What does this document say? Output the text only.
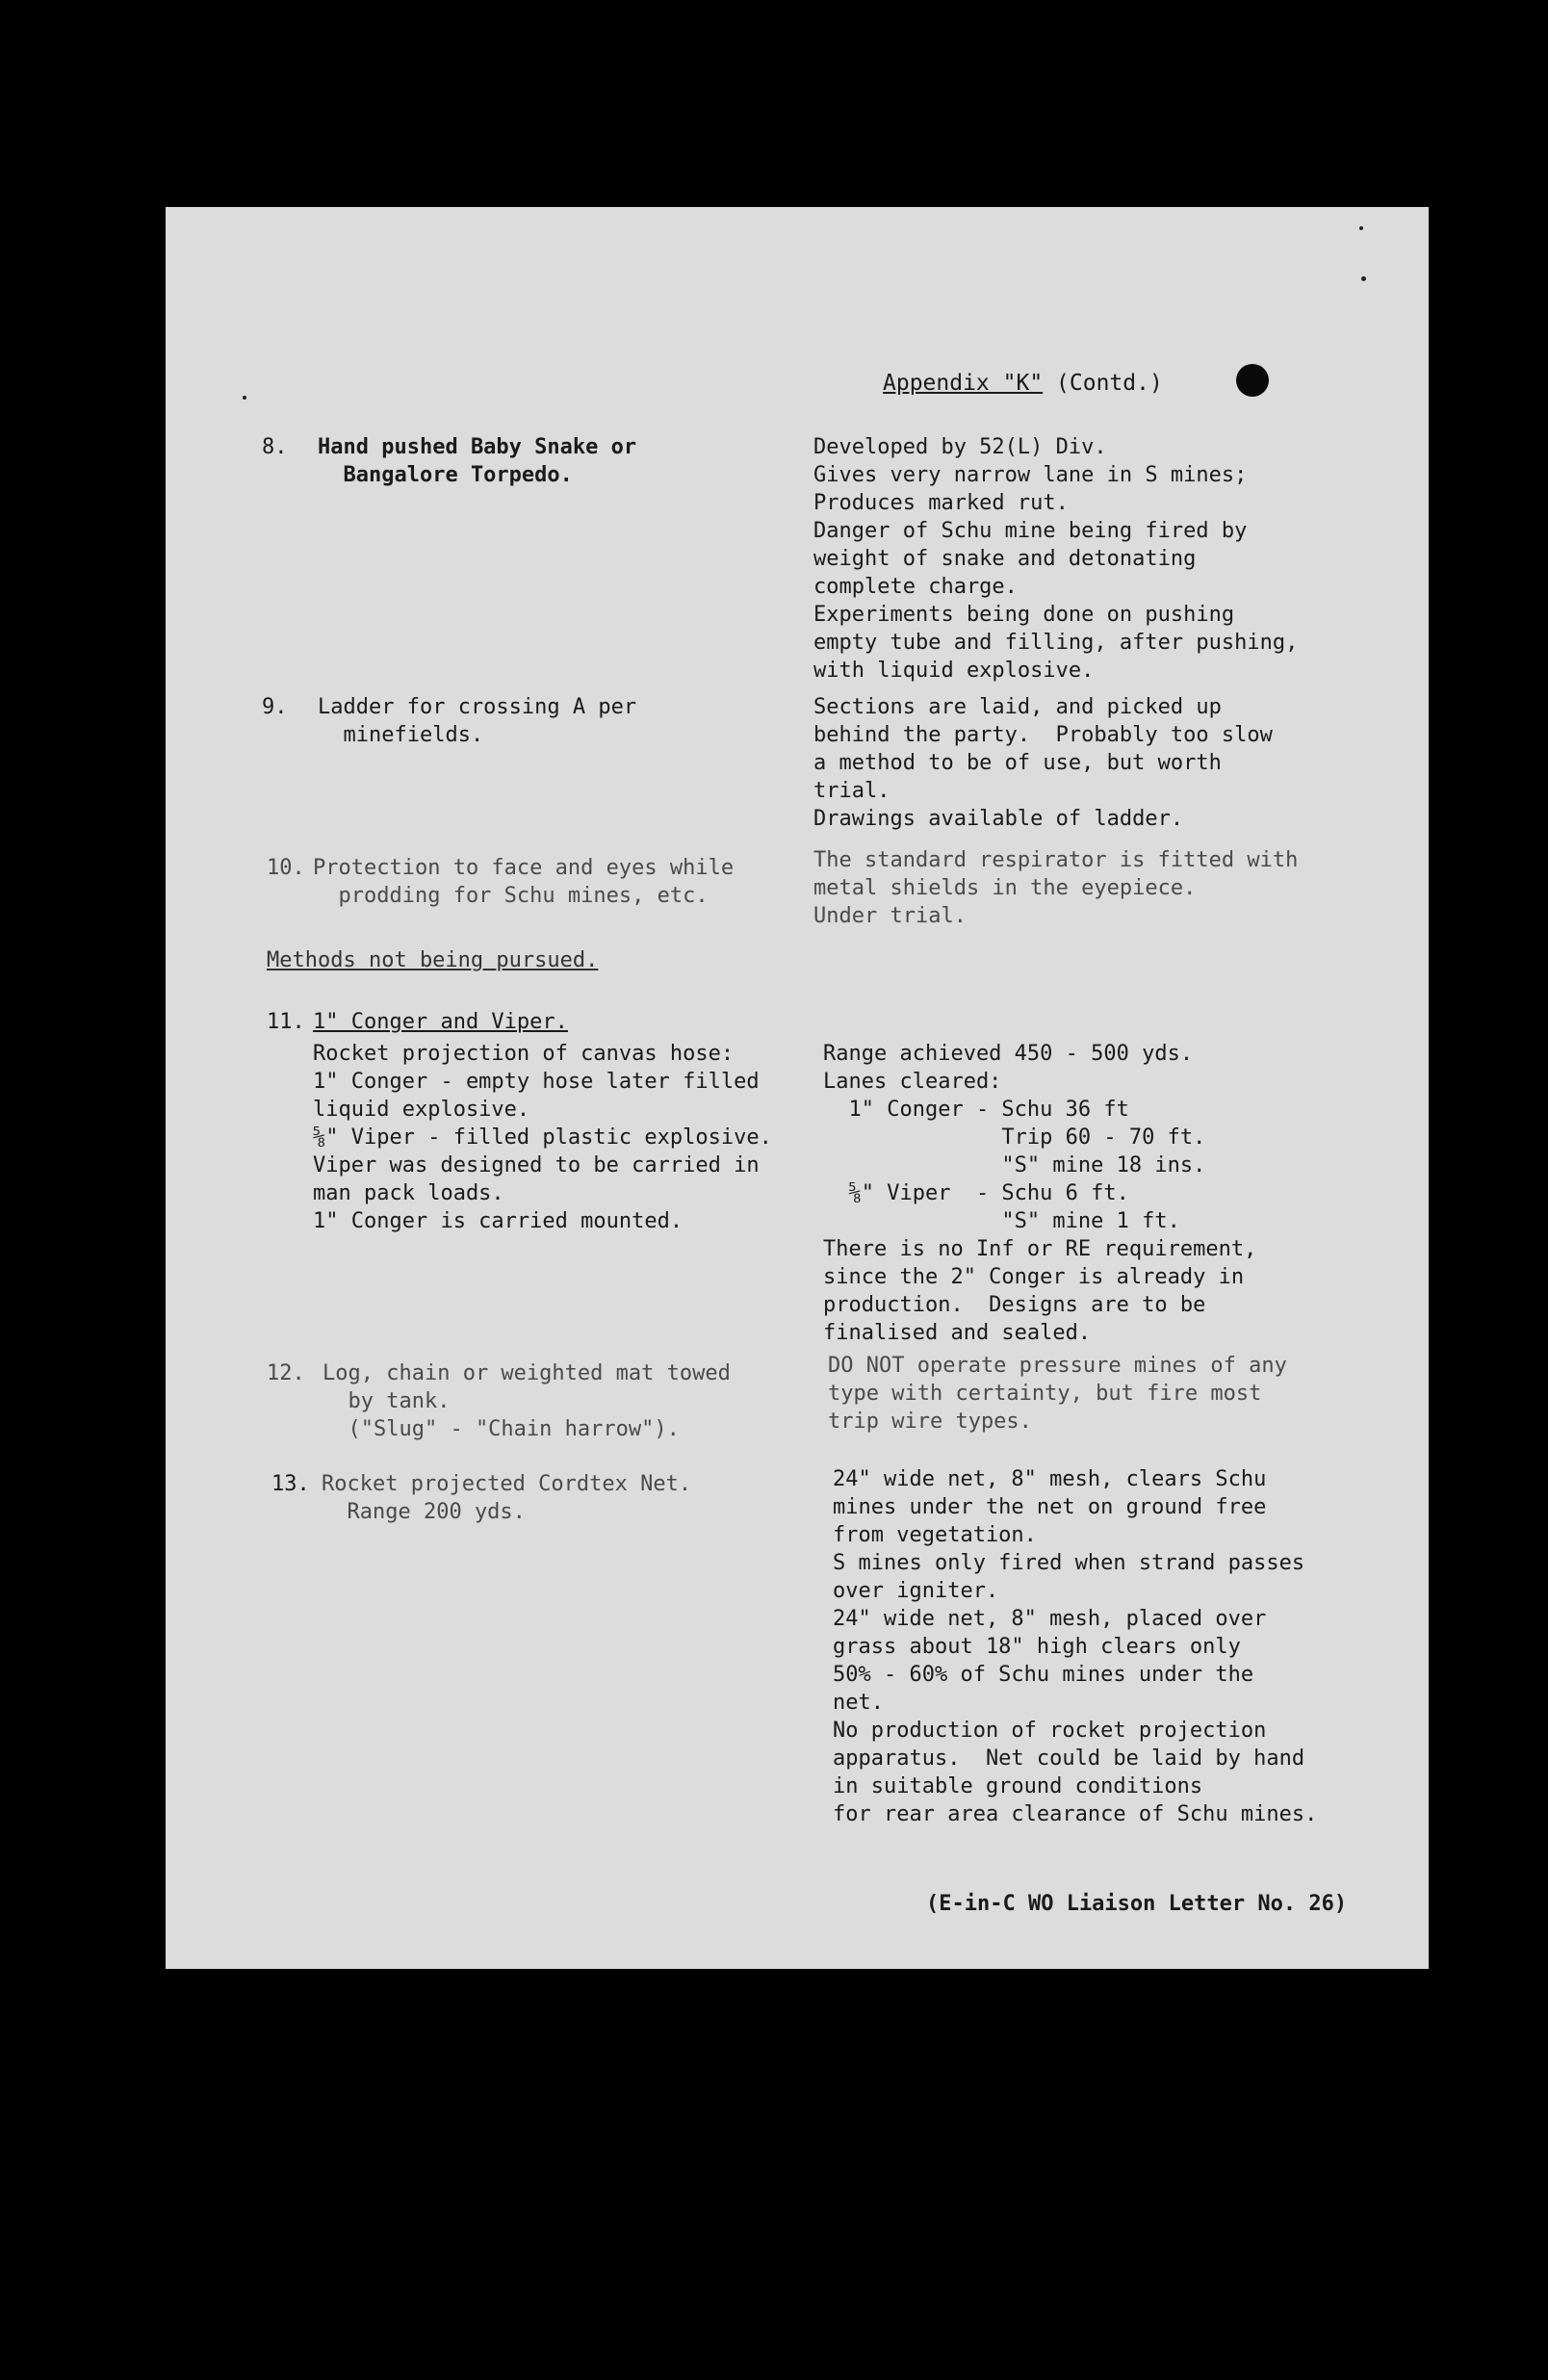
Appendix "K" (Contd.)
8. Hand pushed Baby Snake or
Bangalore Torpedo.
Developed by 52(L) Div.
Gives very narrow lane in S mines;
Produces marked rut.
Danger of Schu mine being fired by
weight of snake and detonating
complete charge.
Experiments being done on pushing
empty tube and filling, after pushing,
with liquid explosive.
9. Ladder for crossing A per
minefields.
Sections are laid, and picked up
behind the party.  Probably too slow
a method to be of use, but worth
trial.
Drawings available of ladder.
10. Protection to face and eyes while
prodding for Schu mines, etc.
The standard respirator is fitted with
metal shields in the eyepiece.
Under trial.
Methods not being pursued.
11. 1" Conger and Viper.
Rocket projection of canvas hose:
1" Conger - empty hose later filled
liquid explosive.
⅝" Viper - filled plastic explosive.
Viper was designed to be carried in
man pack loads.
1" Conger is carried mounted.
Range achieved 450 - 500 yds.
Lanes cleared:
1" Conger - Schu 36 ft
Trip 60 - 70 ft.
"S" mine 18 ins.
⅝" Viper  - Schu 6 ft.
"S" mine 1 ft.
There is no Inf or RE requirement,
since the 2" Conger is already in
production.  Designs are to be
finalised and sealed.
12. Log, chain or weighted mat towed
by tank.
("Slug" - "Chain harrow").
DO NOT operate pressure mines of any
type with certainty, but fire most
trip wire types.
13. Rocket projected Cordtex Net.
Range 200 yds.
24" wide net, 8" mesh, clears Schu
mines under the net on ground free
from vegetation.
S mines only fired when strand passes
over igniter.
24" wide net, 8" mesh, placed over
grass about 18" high clears only
50% - 60% of Schu mines under the
net.
No production of rocket projection
apparatus.  Net could be laid by hand
in suitable ground conditions
for rear area clearance of Schu mines.
(E-in-C WO Liaison Letter No. 26)
